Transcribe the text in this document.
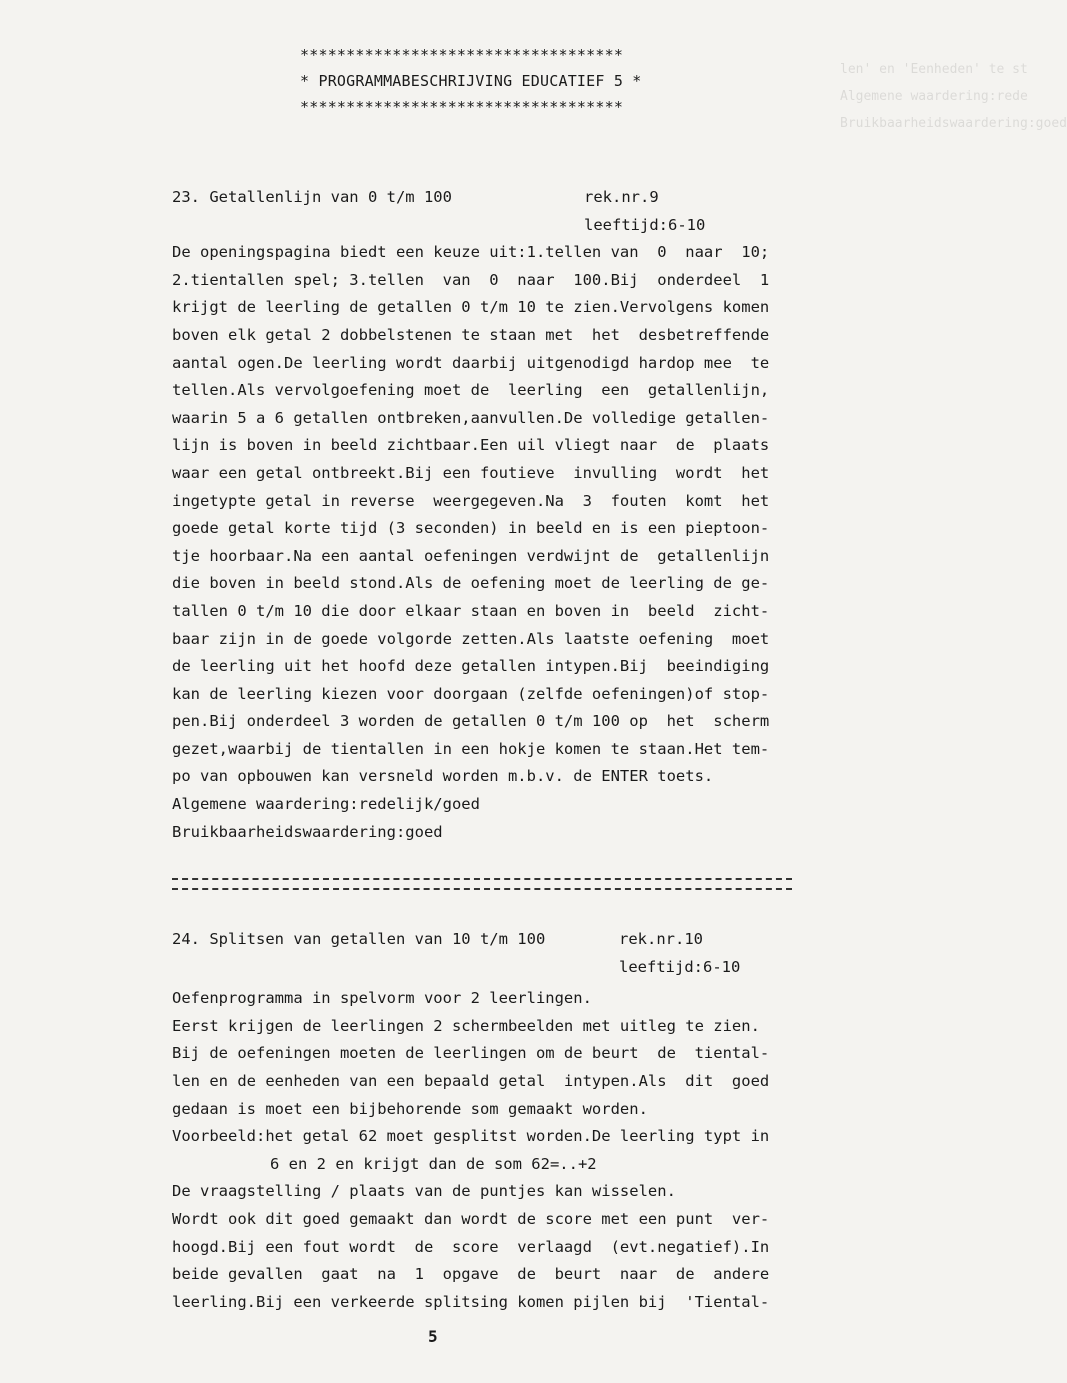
len' en 'Eenheden' te st
Algemene waardering:rede
Bruikbaarheidswaardering:goed
***********************************
* PROGRAMMABESCHRIJVING EDUCATIEF 5 *
***********************************

23. Getallenlijn van 0 t/m 100

	rek.nr.9

leeftijd:6-10

De openingspagina biedt een keuze uit:1.tellen van  0  naar  10;
2.tientallen spel; 3.tellen  van  0  naar  100.Bij  onderdeel  1
krijgt de leerling de getallen 0 t/m 10 te zien.Vervolgens komen
boven elk getal 2 dobbelstenen te staan met  het  desbetreffende
aantal ogen.De leerling wordt daarbij uitgenodigd hardop mee  te
tellen.Als vervolgoefening moet de  leerling  een  getallenlijn,
waarin 5 a 6 getallen ontbreken,aanvullen.De volledige getallen-
lijn is boven in beeld zichtbaar.Een uil vliegt naar  de  plaats
waar een getal ontbreekt.Bij een foutieve  invulling  wordt  het
ingetypte getal in reverse  weergegeven.Na  3  fouten  komt  het
goede getal korte tijd (3 seconden) in beeld en is een pieptoon-
tje hoorbaar.Na een aantal oefeningen verdwijnt de  getallenlijn
die boven in beeld stond.Als de oefening moet de leerling de ge-
tallen 0 t/m 10 die door elkaar staan en boven in  beeld  zicht-
baar zijn in de goede volgorde zetten.Als laatste oefening  moet
de leerling uit het hoofd deze getallen intypen.Bij  beeindiging
kan de leerling kiezen voor doorgaan (zelfde oefeningen)of stop-
pen.Bij onderdeel 3 worden de getallen 0 t/m 100 op  het  scherm
gezet,waarbij de tientallen in een hokje komen te staan.Het tem-
po van opbouwen kan versneld worden m.b.v. de ENTER toets.
Algemene waardering:redelijk/goed
Bruikbaarheidswaardering:goed

24. Splitsen van getallen van 10 t/m 100

	rek.nr.10

leeftijd:6-10

Oefenprogramma in spelvorm voor 2 leerlingen.
Eerst krijgen de leerlingen 2 schermbeelden met uitleg te zien.
Bij de oefeningen moeten de leerlingen om de beurt  de  tiental-
len en de eenheden van een bepaald getal  intypen.Als  dit  goed
gedaan is moet een bijbehorende som gemaakt worden.
Voorbeeld:het getal 62 moet gesplitst worden.De leerling typt in
6 en 2 en krijgt dan de som 62=..+2
De vraagstelling / plaats van de puntjes kan wisselen.
Wordt ook dit goed gemaakt dan wordt de score met een punt  ver-
hoogd.Bij een fout wordt  de  score  verlaagd  (evt.negatief).In
beide gevallen  gaat  na  1  opgave  de  beurt  naar  de  andere
leerling.Bij een verkeerde splitsing komen pijlen bij  'Tiental-
5
